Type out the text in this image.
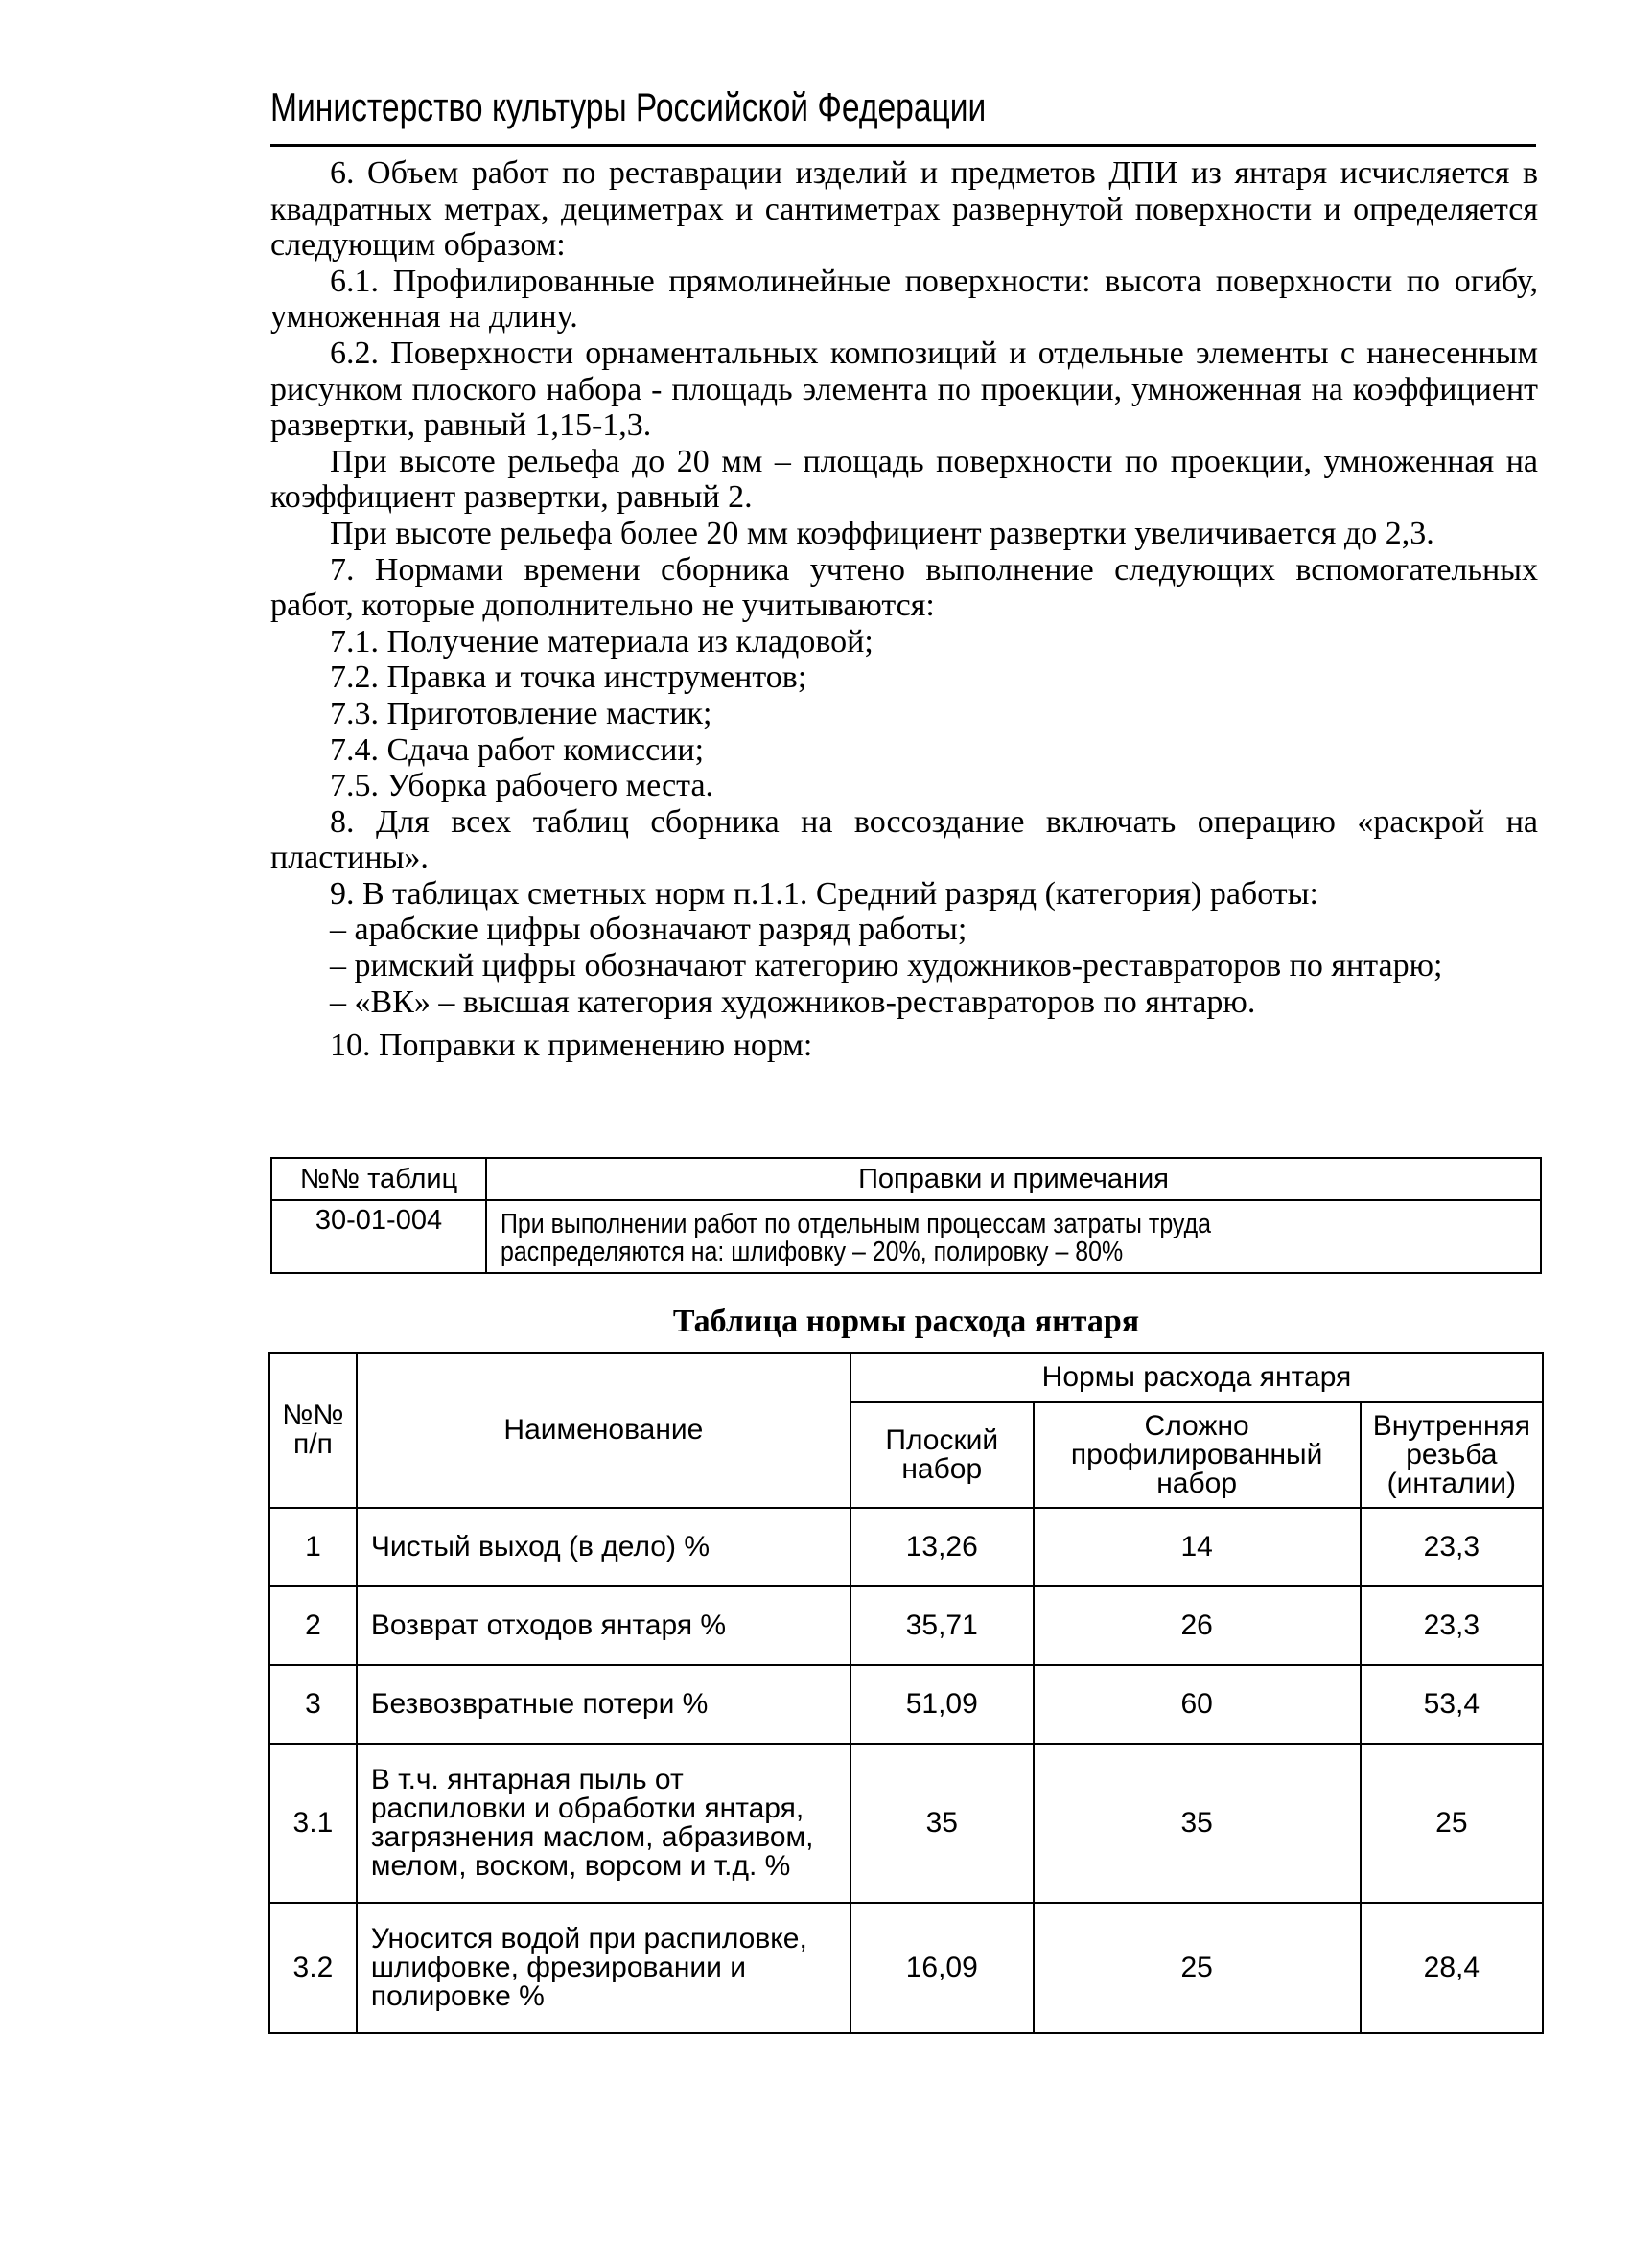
Министерство культуры Российской Федерации

6. Объем работ по реставрации изделий и предметов ДПИ из янтаря исчисляется в квадратных метрах, дециметрах и сантиметрах развернутой поверхности и определяется следующим образом:

6.1. Профилированные прямолинейные поверхности: высота поверхности по огибу, умноженная на длину.

6.2. Поверхности орнаментальных композиций и отдельные элементы с нанесенным рисунком плоского набора - площадь элемента по проекции, умноженная на коэффициент развертки, равный 1,15-1,3.

При высоте рельефа до 20 мм – площадь поверхности по проекции, умноженная на коэффициент развертки, равный 2.

При высоте рельефа более 20 мм коэффициент развертки увеличивается до 2,3.

7. Нормами времени сборника учтено выполнение следующих вспомогательных работ, которые дополнительно не учитываются:

7.1. Получение материала из кладовой;

7.2. Правка и точка инструментов;

7.3. Приготовление мастик;

7.4. Сдача работ комиссии;

7.5. Уборка рабочего места.

8. Для всех таблиц сборника на воссоздание включать операцию «раскрой на пластины».

9. В таблицах сметных норм п.1.1. Средний разряд (категория) работы:

– арабские цифры обозначают разряд работы;

– римский цифры обозначают категорию художников-реставраторов по янтарю;

– «ВК» – высшая категория художников-реставраторов по янтарю.

10. Поправки к применению норм:

№№ таблиц	Поправки и примечания
30-01-004	При выполнении работ по отдельным процессам затраты труда распределяются на: шлифовку – 20%, полировку – 80%
Таблица нормы расхода янтаря
№№ п/п	Наименование	Нормы расхода янтаря		
		Плоский набор	Сложно профилированный набор	Внутренняя резьба (инталии)
1	Чистый выход (в дело) %	13,26	14	23,3
2	Возврат отходов янтаря %	35,71	26	23,3
3	Безвозвратные потери %	51,09	60	53,4
3.1	В т.ч. янтарная пыль от распиловки и обработки янтаря, загрязнения маслом, абразивом, мелом, воском, ворсом и т.д. %	35	35	25
3.2	Уносится водой при распиловке, шлифовке, фрезировании и полировке %	16,09	25	28,4
